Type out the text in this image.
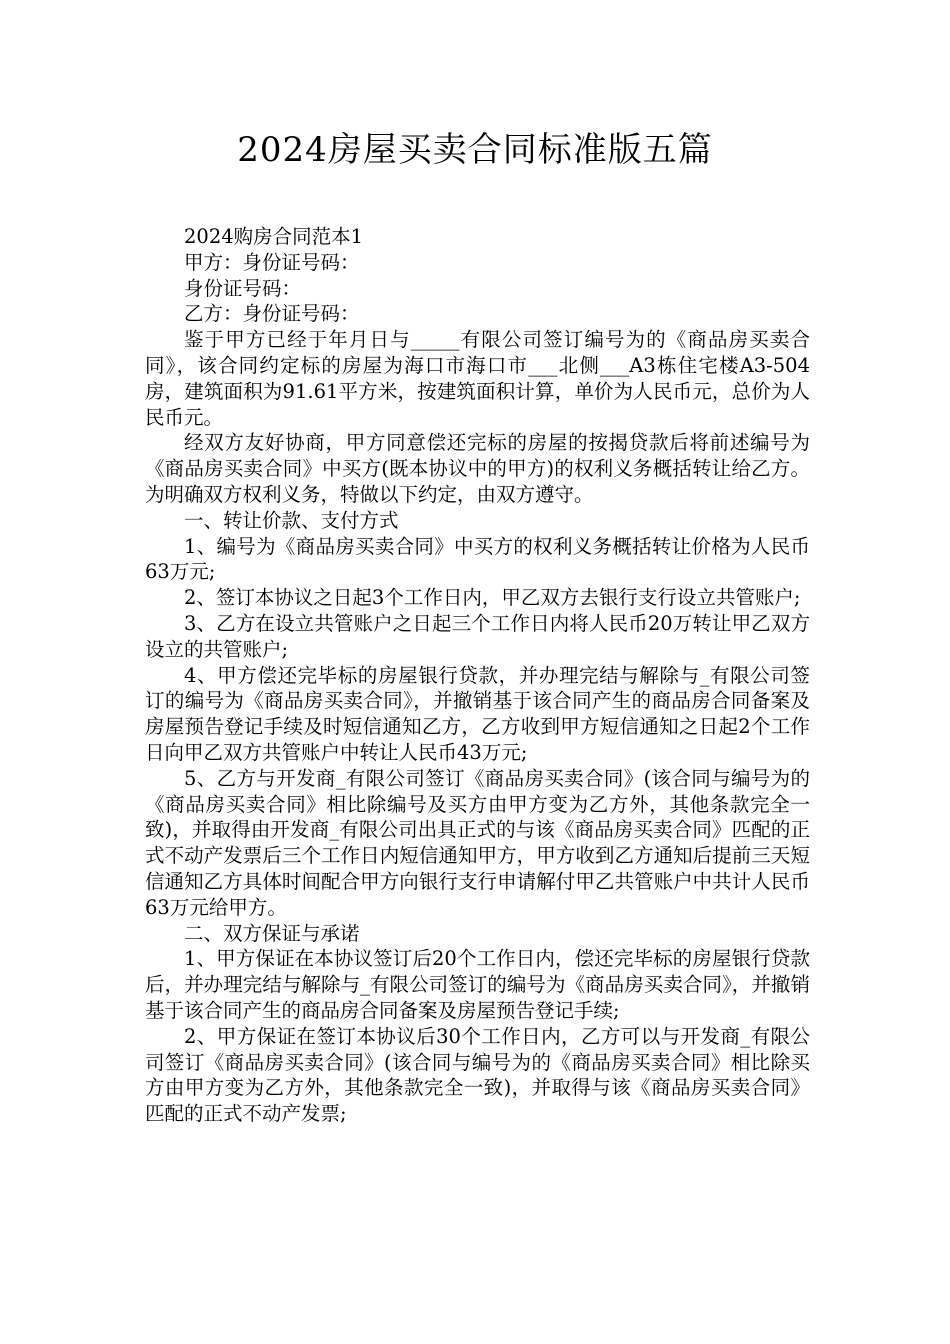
2024房屋买卖合同标准版五篇

2024购房合同范本1

甲方：身份证号码：

身份证号码：

乙方：身份证号码：

鉴于甲方已经于年月日与_____有限公司签订编号为的《商品房买卖合同》，该合同约定标的房屋为海口市海口市___北侧___A3栋住宅楼A3-504房，建筑面积为91.61平方米，按建筑面积计算，单价为人民币元，总价为人民币元。

经双方友好协商，甲方同意偿还完标的房屋的按揭贷款后将前述编号为《商品房买卖合同》中买方(既本协议中的甲方)的权利义务概括转让给乙方。为明确双方权利义务，特做以下约定，由双方遵守。

一、转让价款、支付方式

1、编号为《商品房买卖合同》中买方的权利义务概括转让价格为人民币63万元;

2、签订本协议之日起3个工作日内，甲乙双方去银行支行设立共管账户;

3、乙方在设立共管账户之日起三个工作日内将人民币20万转让甲乙双方设立的共管账户;

4、甲方偿还完毕标的房屋银行贷款，并办理完结与解除与_有限公司签订的编号为《商品房买卖合同》，并撤销基于该合同产生的商品房合同备案及房屋预告登记手续及时短信通知乙方，乙方收到甲方短信通知之日起2个工作日向甲乙双方共管账户中转让人民币43万元;

5、乙方与开发商_有限公司签订《商品房买卖合同》(该合同与编号为的《商品房买卖合同》相比除编号及买方由甲方变为乙方外，其他条款完全一致)，并取得由开发商_有限公司出具正式的与该《商品房买卖合同》匹配的正式不动产发票后三个工作日内短信通知甲方，甲方收到乙方通知后提前三天短信通知乙方具体时间配合甲方向银行支行申请解付甲乙共管账户中共计人民币63万元给甲方。

二、双方保证与承诺

1、甲方保证在本协议签订后20个工作日内，偿还完毕标的房屋银行贷款后，并办理完结与解除与_有限公司签订的编号为《商品房买卖合同》，并撤销基于该合同产生的商品房合同备案及房屋预告登记手续;

2、甲方保证在签订本协议后30个工作日内，乙方可以与开发商_有限公司签订《商品房买卖合同》(该合同与编号为的《商品房买卖合同》相比除买方由甲方变为乙方外，其他条款完全一致)，并取得与该《商品房买卖合同》匹配的正式不动产发票;
